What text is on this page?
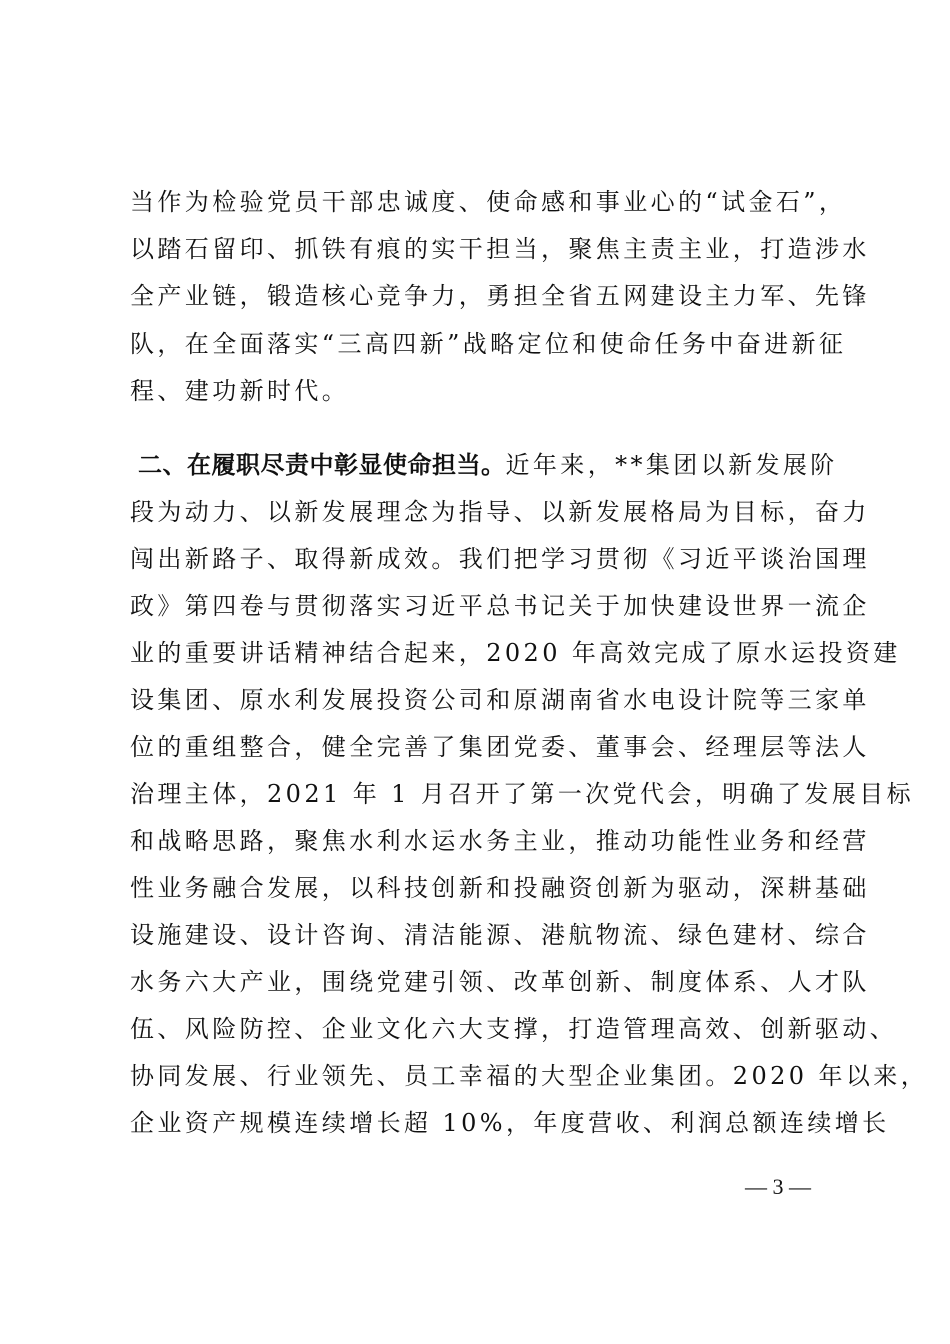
当作为检验党员干部忠诚度、使命感和事业心的“试金石”，
以踏石留印、抓铁有痕的实干担当，聚焦主责主业，打造涉水
全产业链，锻造核心竞争力，勇担全省五网建设主力军、先锋
队，在全面落实“三高四新”战略定位和使命任务中奋进新征
程、建功新时代。
二、在履职尽责中彰显使命担当。近年来，**集团以新发展阶
段为动力、以新发展理念为指导、以新发展格局为目标，奋力
闯出新路子、取得新成效。我们把学习贯彻《习近平谈治国理
政》第四卷与贯彻落实习近平总书记关于加快建设世界一流企
业的重要讲话精神结合起来，2020 年高效完成了原水运投资建
设集团、原水利发展投资公司和原湖南省水电设计院等三家单
位的重组整合，健全完善了集团党委、董事会、经理层等法人
治理主体，2021 年 1 月召开了第一次党代会，明确了发展目标
和战略思路，聚焦水利水运水务主业，推动功能性业务和经营
性业务融合发展，以科技创新和投融资创新为驱动，深耕基础
设施建设、设计咨询、清洁能源、港航物流、绿色建材、综合
水务六大产业，围绕党建引领、改革创新、制度体系、人才队
伍、风险防控、企业文化六大支撑，打造管理高效、创新驱动、
协同发展、行业领先、员工幸福的大型企业集团。2020 年以来，
企业资产规模连续增长超 10%，年度营收、利润总额连续增长
— 3 —
